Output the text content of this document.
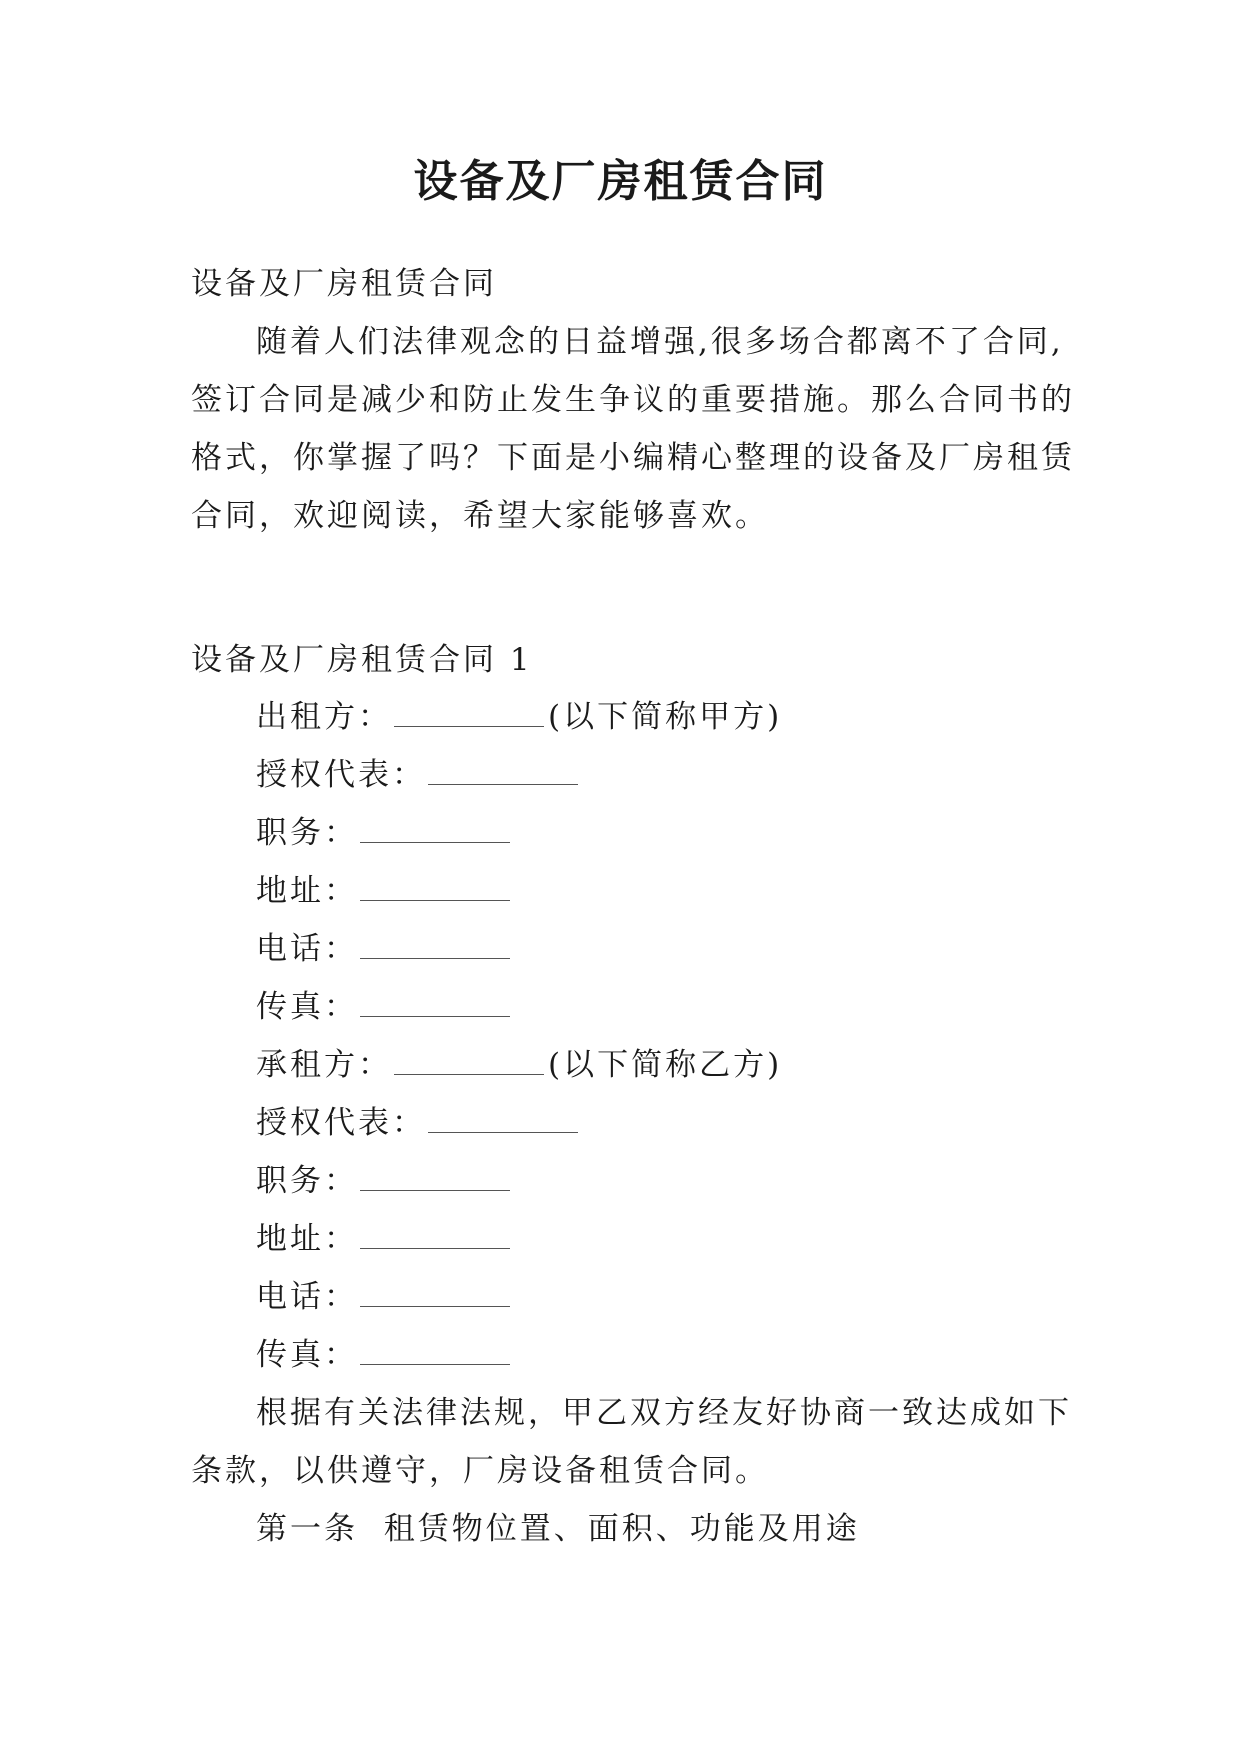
设备及厂房租赁合同

设备及厂房租赁合同

随着人们法律观念的日益增强,很多场合都离不了合同,

签订合同是减少和防止发生争议的重要措施。那么合同书的

格式，你掌握了吗？下面是小编精心整理的设备及厂房租赁

合同，欢迎阅读，希望大家能够喜欢。

设备及厂房租赁合同 1

出租方：	(以下简称甲方)

授权代表：

职务：

地址：

电话：

传真：

承租方：	(以下简称乙方)

授权代表：

职务：

地址：

电话：

传真：

根据有关法律法规，甲乙双方经友好协商一致达成如下

条款，以供遵守，厂房设备租赁合同。

第一条  租赁物位置、面积、功能及用途
